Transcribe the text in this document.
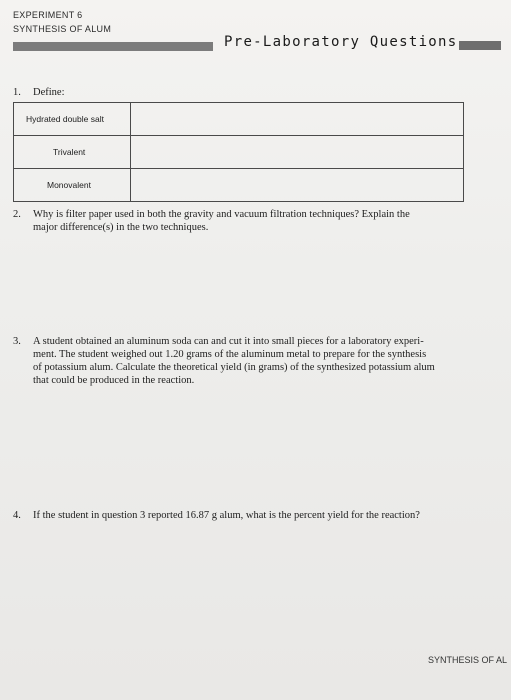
EXPERIMENT 6
SYNTHESIS OF ALUM
Pre-Laboratory Questions
1. Define:
Hydrated double salt	

Trivalent	

Monovalent	

2. Why is filter paper used in both the gravity and vacuum filtration techniques? Explain the
major difference(s) in the two techniques.
3. A student obtained an aluminum soda can and cut it into small pieces for a laboratory experi-
ment. The student weighed out 1.20 grams of the aluminum metal to prepare for the synthesis
of potassium alum. Calculate the theoretical yield (in grams) of the synthesized potassium alum
that could be produced in the reaction.
4. If the student in question 3 reported 16.87 g alum, what is the percent yield for the reaction?
SYNTHESIS OF AL
